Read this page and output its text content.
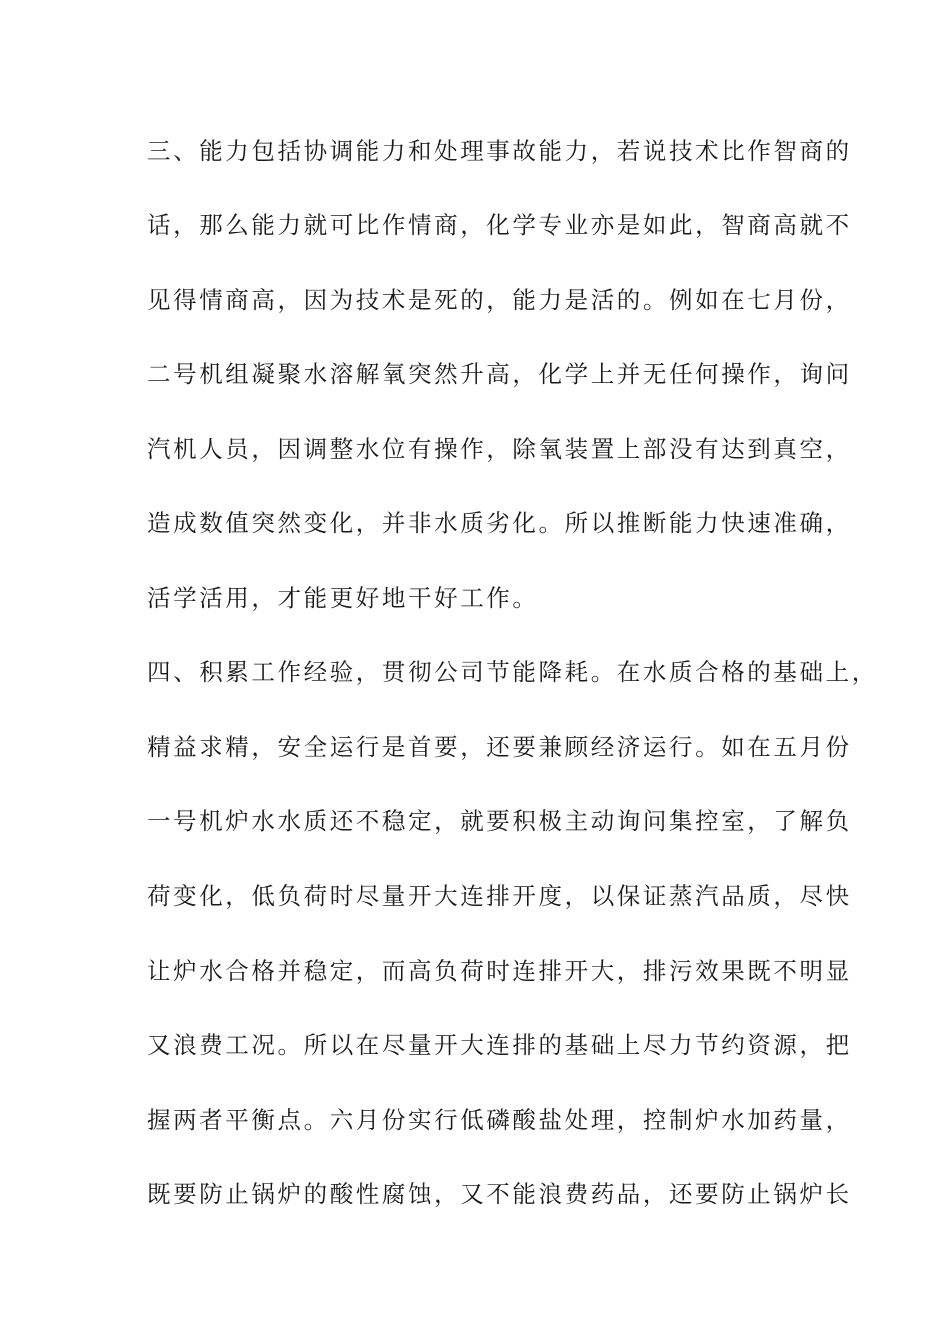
三、能力包括协调能力和处理事故能力，若说技术比作智商的
话，那么能力就可比作情商，化学专业亦是如此，智商高就不
见得情商高，因为技术是死的，能力是活的。例如在七月份，
二号机组凝聚水溶解氧突然升高，化学上并无任何操作，询问
汽机人员，因调整水位有操作，除氧装置上部没有达到真空，
造成数值突然变化，并非水质劣化。所以推断能力快速准确，
活学活用，才能更好地干好工作。
四、积累工作经验，贯彻公司节能降耗。在水质合格的基础上，
精益求精，安全运行是首要，还要兼顾经济运行。如在五月份
一号机炉水水质还不稳定，就要积极主动询问集控室，了解负
荷变化，低负荷时尽量开大连排开度，以保证蒸汽品质，尽快
让炉水合格并稳定，而高负荷时连排开大，排污效果既不明显
又浪费工况。所以在尽量开大连排的基础上尽力节约资源，把
握两者平衡点。六月份实行低磷酸盐处理，控制炉水加药量，
既要防止锅炉的酸性腐蚀，又不能浪费药品，还要防止锅炉长
